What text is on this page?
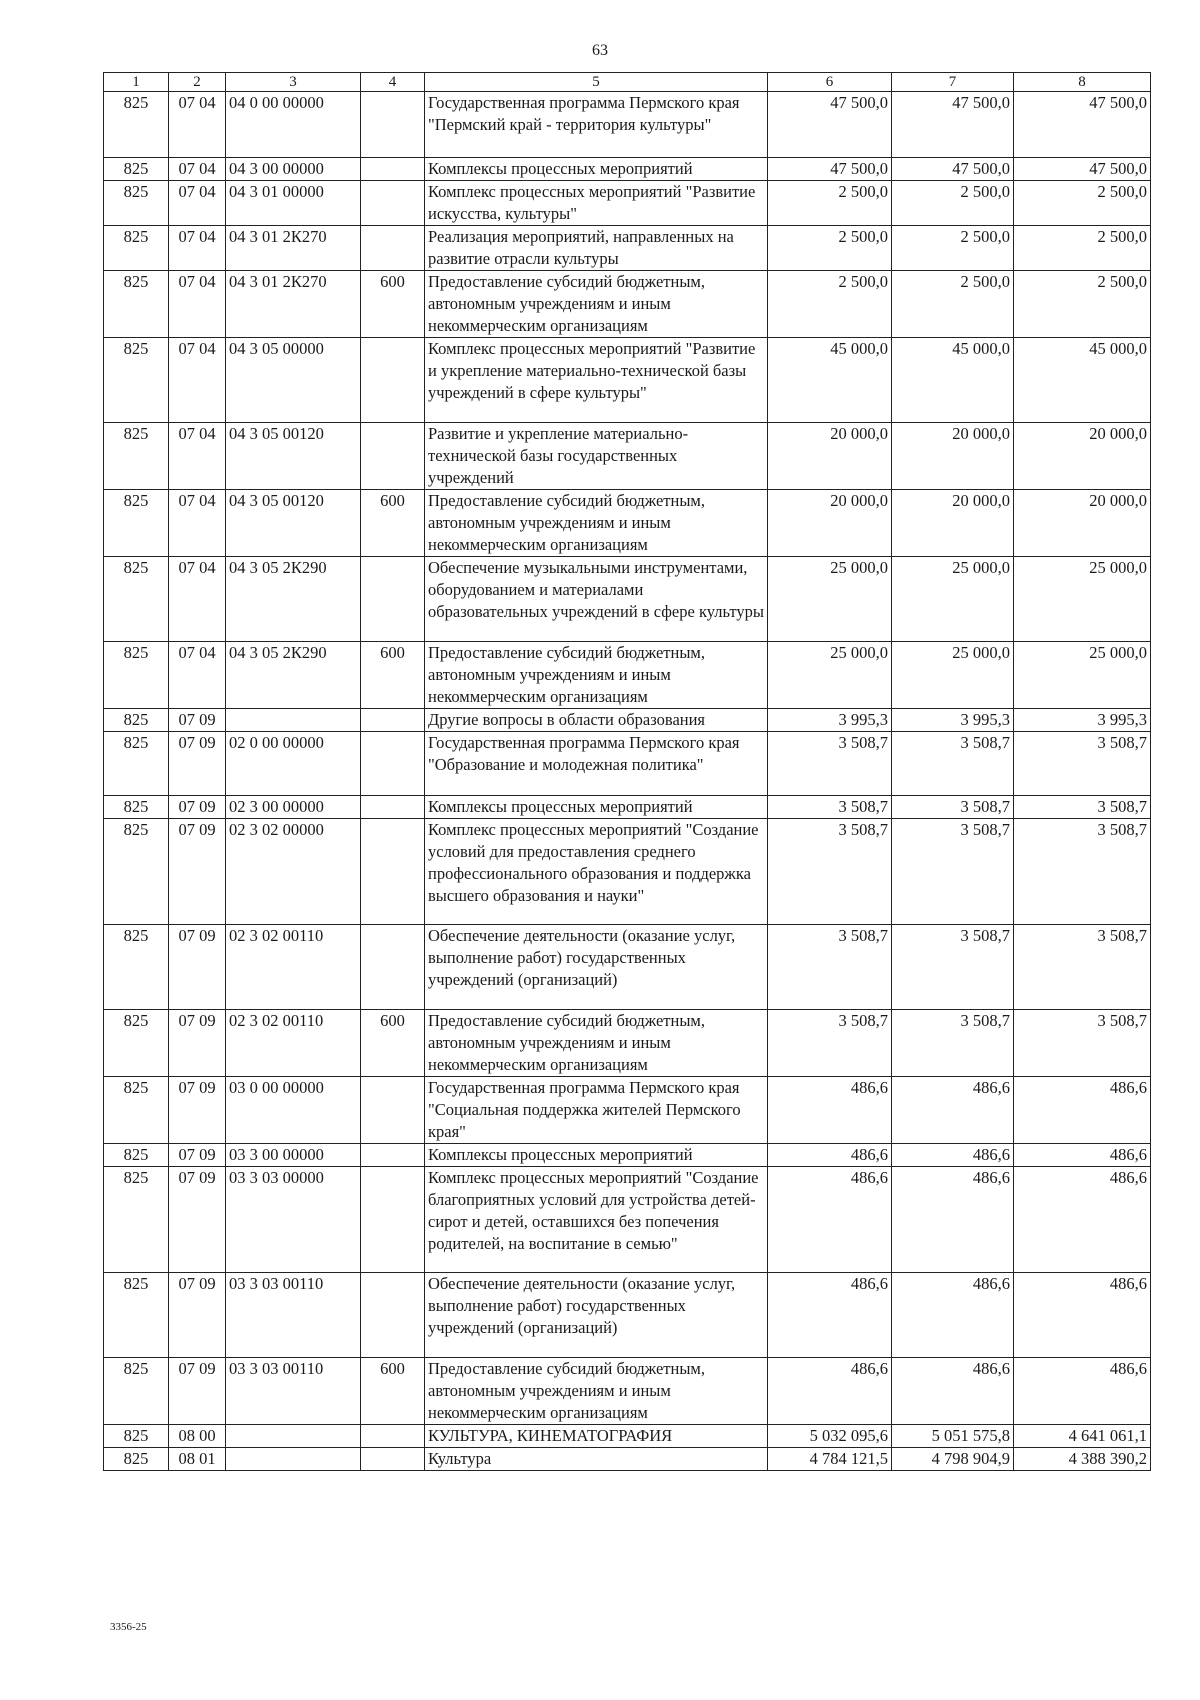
63
1	2	3	4	5	6	7	8
825	07 04	04 0 00 00000		Государственная программа Пермского края "Пермский край - территория культуры"	47 500,0	47 500,0	47 500,0
825	07 04	04 3 00 00000		Комплексы процессных мероприятий	47 500,0	47 500,0	47 500,0
825	07 04	04 3 01 00000		Комплекс процессных мероприятий "Развитие искусства, культуры"	2 500,0	2 500,0	2 500,0
825	07 04	04 3 01 2К270		Реализация мероприятий, направленных на развитие отрасли культуры	2 500,0	2 500,0	2 500,0
825	07 04	04 3 01 2К270	600	Предоставление субсидий бюджетным, автономным учреждениям и иным некоммерческим организациям	2 500,0	2 500,0	2 500,0
825	07 04	04 3 05 00000		Комплекс процессных мероприятий "Развитие и укрепление материально-технической базы учреждений в сфере культуры"	45 000,0	45 000,0	45 000,0
825	07 04	04 3 05 00120		Развитие и укрепление материально-технической базы государственных учреждений	20 000,0	20 000,0	20 000,0
825	07 04	04 3 05 00120	600	Предоставление субсидий бюджетным, автономным учреждениям и иным некоммерческим организациям	20 000,0	20 000,0	20 000,0
825	07 04	04 3 05 2К290		Обеспечение музыкальными инструментами, оборудованием и материалами образовательных учреждений в сфере культуры	25 000,0	25 000,0	25 000,0
825	07 04	04 3 05 2К290	600	Предоставление субсидий бюджетным, автономным учреждениям и иным некоммерческим организациям	25 000,0	25 000,0	25 000,0
825	07 09			Другие вопросы в области образования	3 995,3	3 995,3	3 995,3
825	07 09	02 0 00 00000		Государственная программа Пермского края "Образование и молодежная политика"	3 508,7	3 508,7	3 508,7
825	07 09	02 3 00 00000		Комплексы процессных мероприятий	3 508,7	3 508,7	3 508,7
825	07 09	02 3 02 00000		Комплекс процессных мероприятий "Создание условий для предоставления среднего профессионального образования и поддержка высшего образования и науки"	3 508,7	3 508,7	3 508,7
825	07 09	02 3 02 00110		Обеспечение деятельности (оказание услуг, выполнение работ) государственных учреждений (организаций)	3 508,7	3 508,7	3 508,7
825	07 09	02 3 02 00110	600	Предоставление субсидий бюджетным, автономным учреждениям и иным некоммерческим организациям	3 508,7	3 508,7	3 508,7
825	07 09	03 0 00 00000		Государственная программа Пермского края "Социальная поддержка жителей Пермского края"	486,6	486,6	486,6
825	07 09	03 3 00 00000		Комплексы процессных мероприятий	486,6	486,6	486,6
825	07 09	03 3 03 00000		Комплекс процессных мероприятий "Создание благоприятных условий для устройства детей-сирот и детей, оставшихся без попечения родителей, на воспитание в семью"	486,6	486,6	486,6
825	07 09	03 3 03 00110		Обеспечение деятельности (оказание услуг, выполнение работ) государственных учреждений (организаций)	486,6	486,6	486,6
825	07 09	03 3 03 00110	600	Предоставление субсидий бюджетным, автономным учреждениям и иным некоммерческим организациям	486,6	486,6	486,6
825	08 00			КУЛЬТУРА, КИНЕМАТОГРАФИЯ	5 032 095,6	5 051 575,8	4 641 061,1
825	08 01			Культура	4 784 121,5	4 798 904,9	4 388 390,2
3356-25
